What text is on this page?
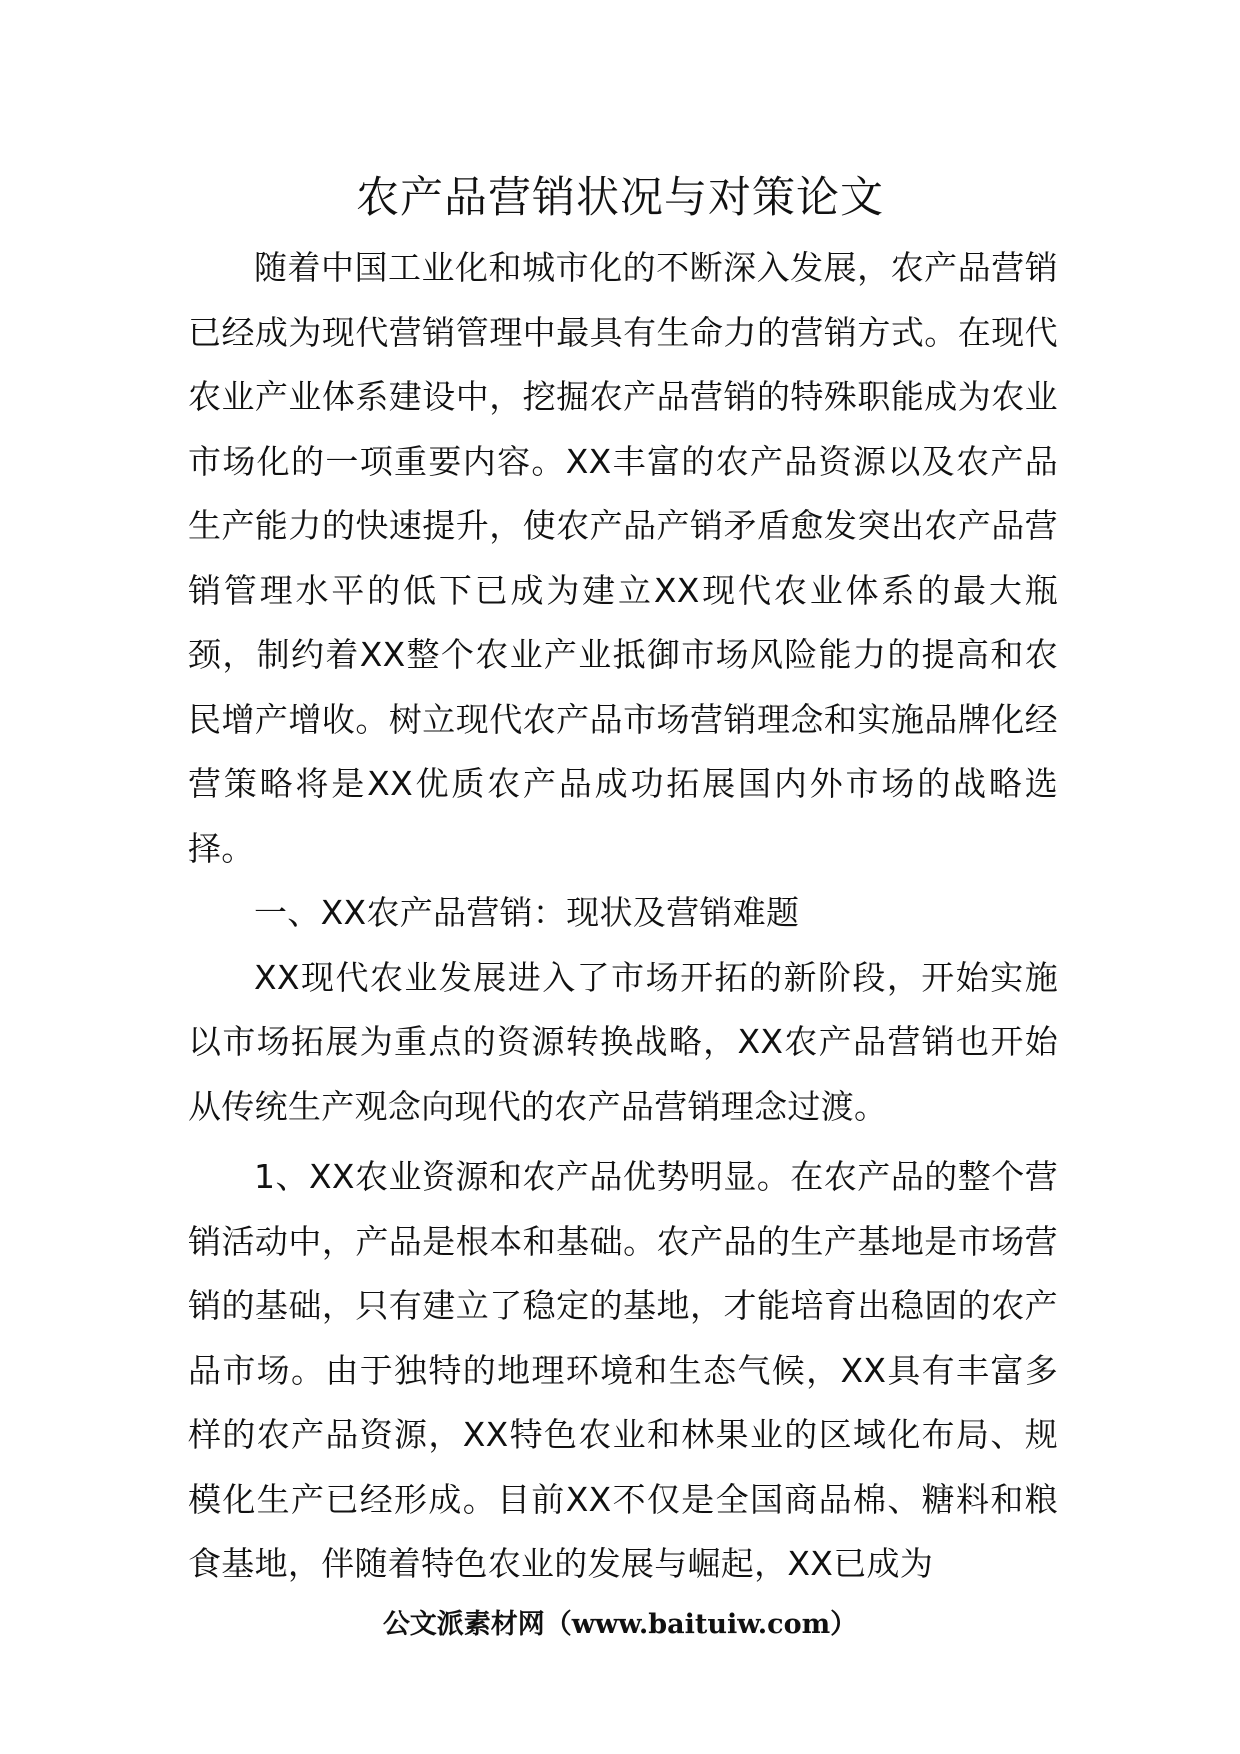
农产品营销状况与对策论文

随着中国工业化和城市化的不断深入发展，农产品营销已经成为现代营销管理中最具有生命力的营销方式。在现代农业产业体系建设中，挖掘农产品营销的特殊职能成为农业市场化的一项重要内容。XX丰富的农产品资源以及农产品生产能力的快速提升，使农产品产销矛盾愈发突出农产品营销管理水平的低下已成为建立XX现代农业体系的最大瓶颈，制约着XX整个农业产业抵御市场风险能力的提高和农民增产增收。树立现代农产品市场营销理念和实施品牌化经营策略将是XX优质农产品成功拓展国内外市场的战略选择。

一、XX农产品营销：现状及营销难题

XX现代农业发展进入了市场开拓的新阶段，开始实施以市场拓展为重点的资源转换战略，XX农产品营销也开始从传统生产观念向现代的农产品营销理念过渡。

1、XX农业资源和农产品优势明显。在农产品的整个营销活动中，产品是根本和基础。农产品的生产基地是市场营销的基础，只有建立了稳定的基地，才能培育出稳固的农产品市场。由于独特的地理环境和生态气候，XX具有丰富多样的农产品资源，XX特色农业和林果业的区域化布局、规模化生产已经形成。目前XX不仅是全国商品棉、糖料和粮食基地，伴随着特色农业的发展与崛起，XX已成为

公文派素材网（www.baituiw.com）
